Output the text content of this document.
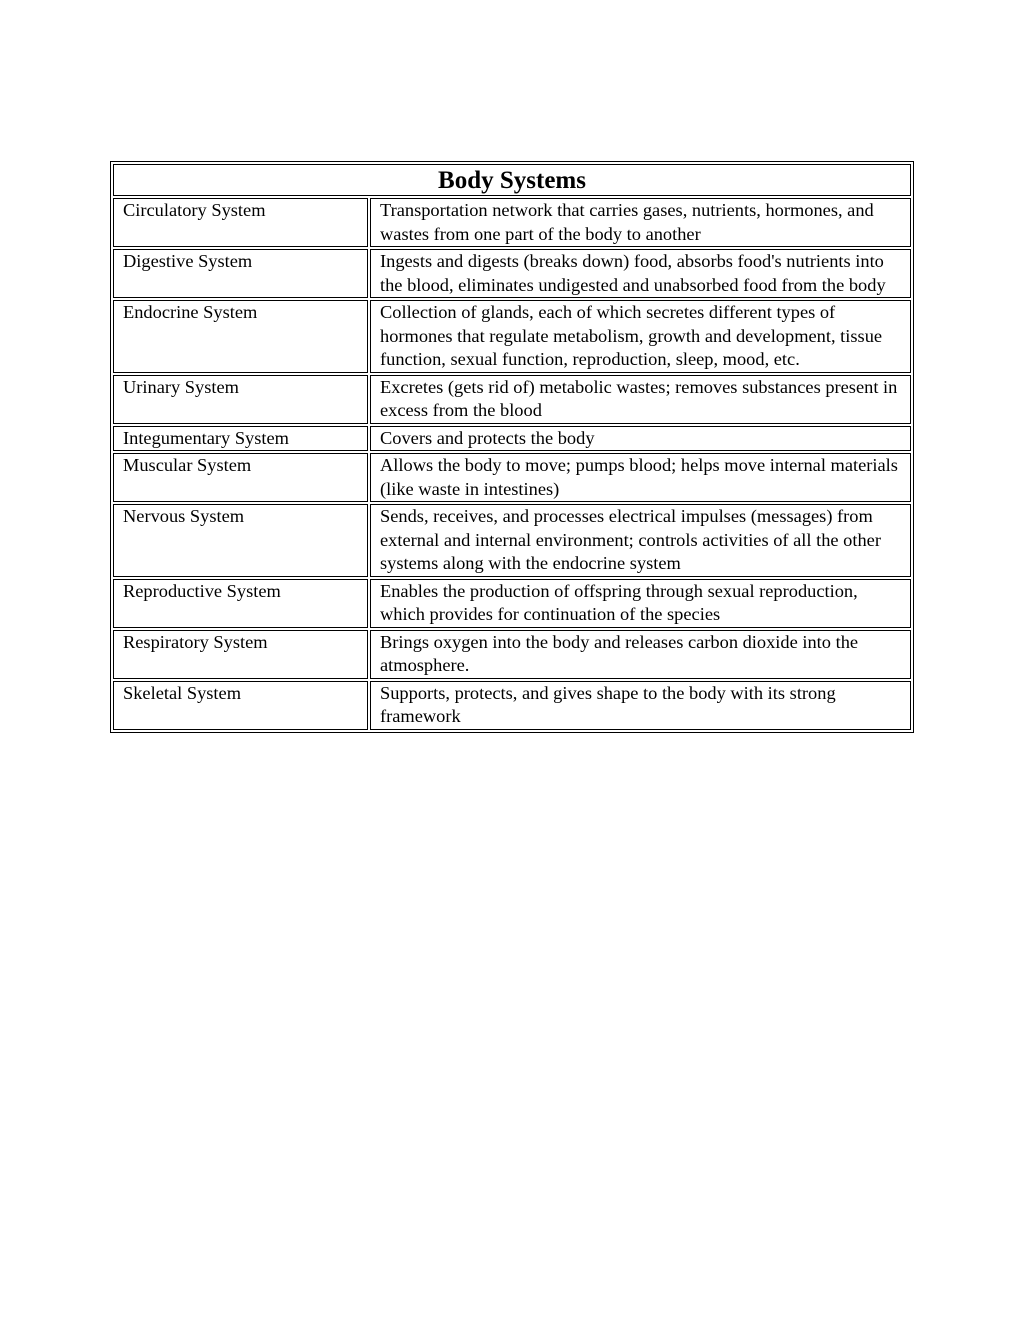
Body Systems	
Circulatory System	Transportation network that carries gases, nutrients, hormones, and wastes from one part of the body to another
Digestive System	Ingests and digests (breaks down) food, absorbs food's nutrients into the blood, eliminates undigested and unabsorbed food from the body
Endocrine System	Collection of glands, each of which secretes different types of hormones that regulate metabolism, growth and development, tissue function, sexual function, reproduction, sleep, mood, etc.
Urinary System	Excretes (gets rid of) metabolic wastes; removes substances present in excess from the blood
Integumentary System	Covers and protects the body
Muscular System	Allows the body to move; pumps blood; helps move internal materials (like waste in intestines)
Nervous System	Sends, receives, and processes electrical impulses (messages) from external and internal environment; controls activities of all the other systems along with the endocrine system
Reproductive System	Enables the production of offspring through sexual reproduction, which provides for continuation of the species
Respiratory System	Brings oxygen into the body and releases carbon dioxide into the atmosphere.
Skeletal System	Supports, protects, and gives shape to the body with its strong framework
